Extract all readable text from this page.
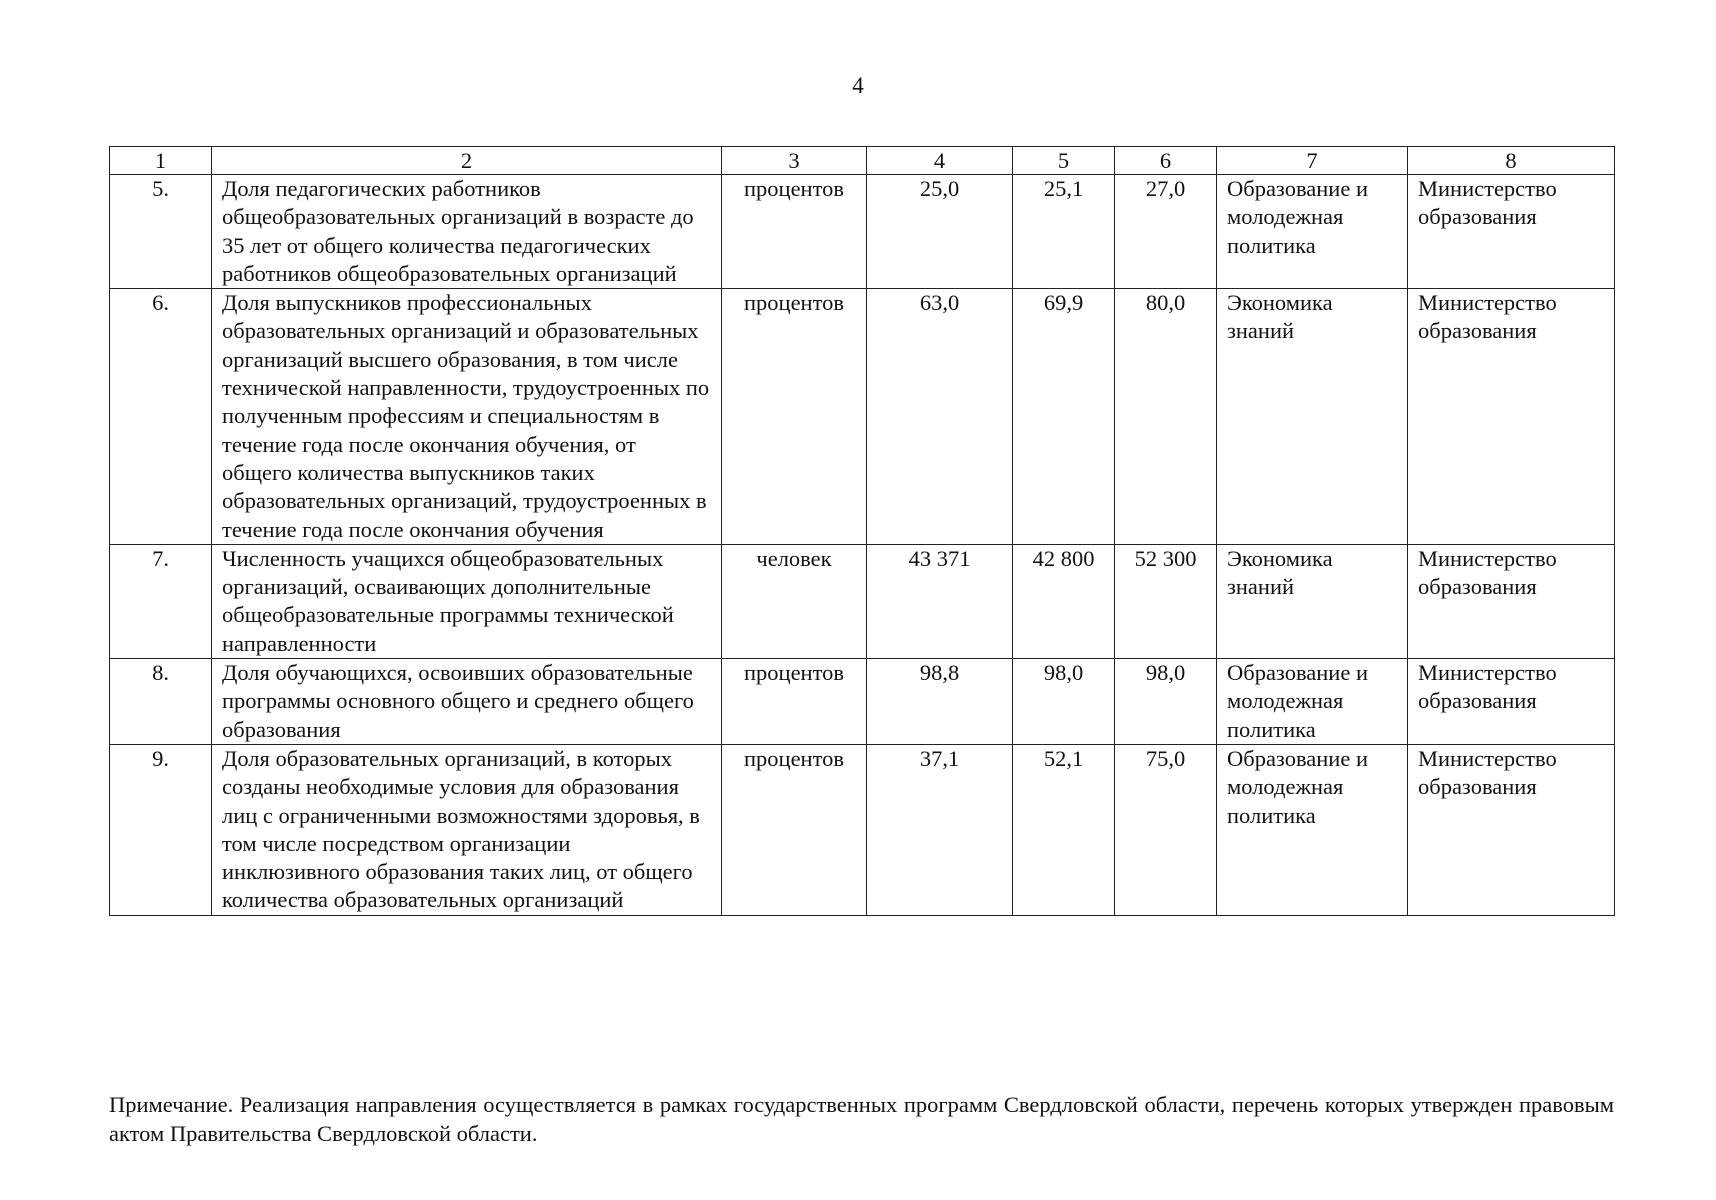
4
1	2	3	4	5	6	7	8
5.	Доля педагогических работников общеобразовательных организаций в возрасте до 35 лет от общего количества педагогических работников общеобразовательных организаций	процентов	25,0	25,1	27,0	Образование и молодежная политика	Министерство образования
6.	Доля выпускников профессиональных образовательных организаций и образовательных организаций высшего образования, в том числе технической направленности, трудоустроенных по полученным профессиям и специальностям в течение года после окончания обучения, от общего количества выпускников таких образовательных организаций, трудоустроенных в течение года после окончания обучения	процентов	63,0	69,9	80,0	Экономика знаний	Министерство образования
7.	Численность учащихся общеобразовательных организаций, осваивающих дополнительные общеобразовательные программы технической направленности	человек	43 371	42 800	52 300	Экономика знаний	Министерство образования
8.	Доля обучающихся, освоивших образовательные программы основного общего и среднего общего образования	процентов	98,8	98,0	98,0	Образование и молодежная политика	Министерство образования
9.	Доля образовательных организаций, в которых созданы необходимые условия для образования лиц с ограниченными возможностями здоровья, в том числе посредством организации инклюзивного образования таких лиц, от общего количества образовательных организаций	процентов	37,1	52,1	75,0	Образование и молодежная политика	Министерство образования
Примечание. Реализация направления осуществляется в рамках государственных программ Свердловской области, перечень которых утвержден правовым актом Правительства Свердловской области.
